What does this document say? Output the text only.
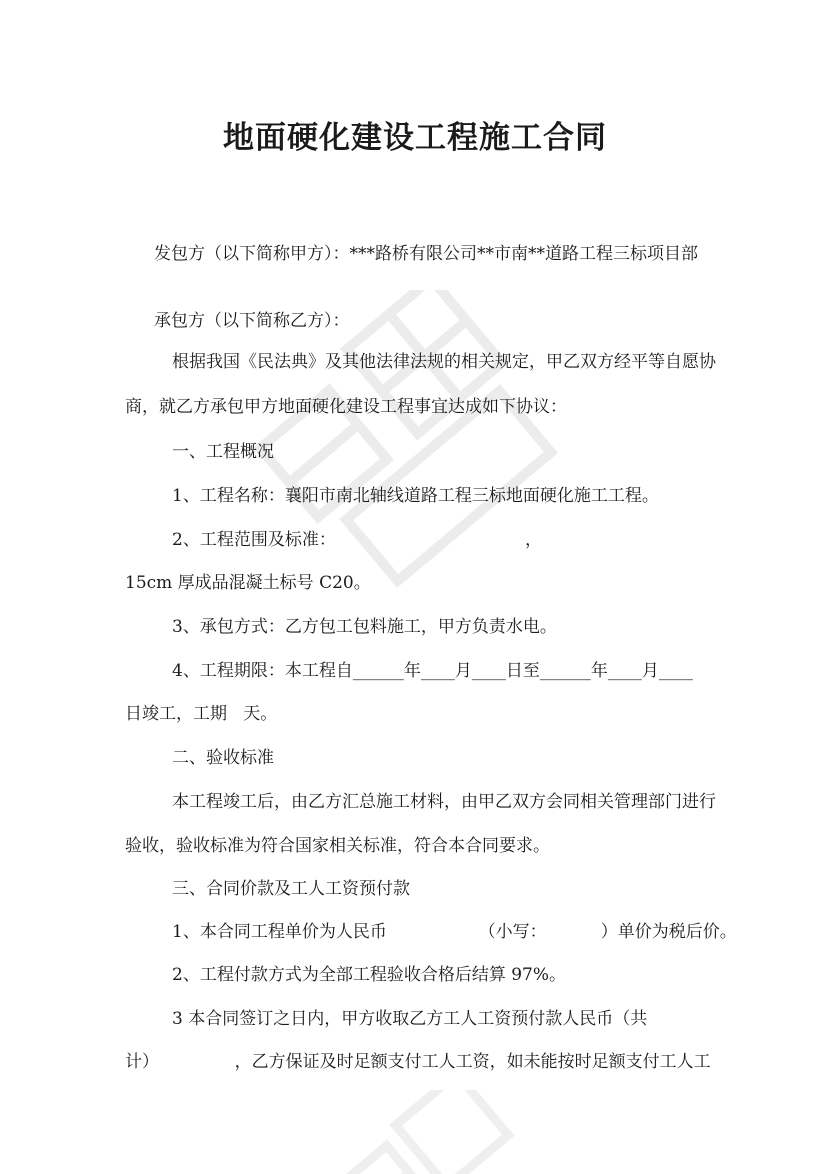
地面硬化建设工程施工合同
发包方（以下简称甲方）：***路桥有限公司**市南**道路工程三标项目部
承包方（以下简称乙方）：
根据我国《民法典》及其他法律法规的相关规定，甲乙双方经平等自愿协
商，就乙方承包甲方地面硬化建设工程事宜达成如下协议：
一、工程概况
1、工程名称：襄阳市南北轴线道路工程三标地面硬化施工工程。
2、工程范围及标准：                                   ，
15cm 厚成品混凝土标号 C20。
3、承包方式：乙方包工包料施工，甲方负责水电。
4、工程期限：本工程自______年____月____日至______年____月____
日竣工，工期   天。
二、验收标准
本工程竣工后，由乙方汇总施工材料，由甲乙双方会同相关管理部门进行
验收，验收标准为符合国家相关标准，符合本合同要求。
三、合同价款及工人工资预付款
1、本合同工程单价为人民币                 （小写：          ）单价为税后价。
2、工程付款方式为全部工程验收合格后结算 97%。
3 本合同签订之日内，甲方收取乙方工人工资预付款人民币（共
计）              ，乙方保证及时足额支付工人工资，如未能按时足额支付工人工
